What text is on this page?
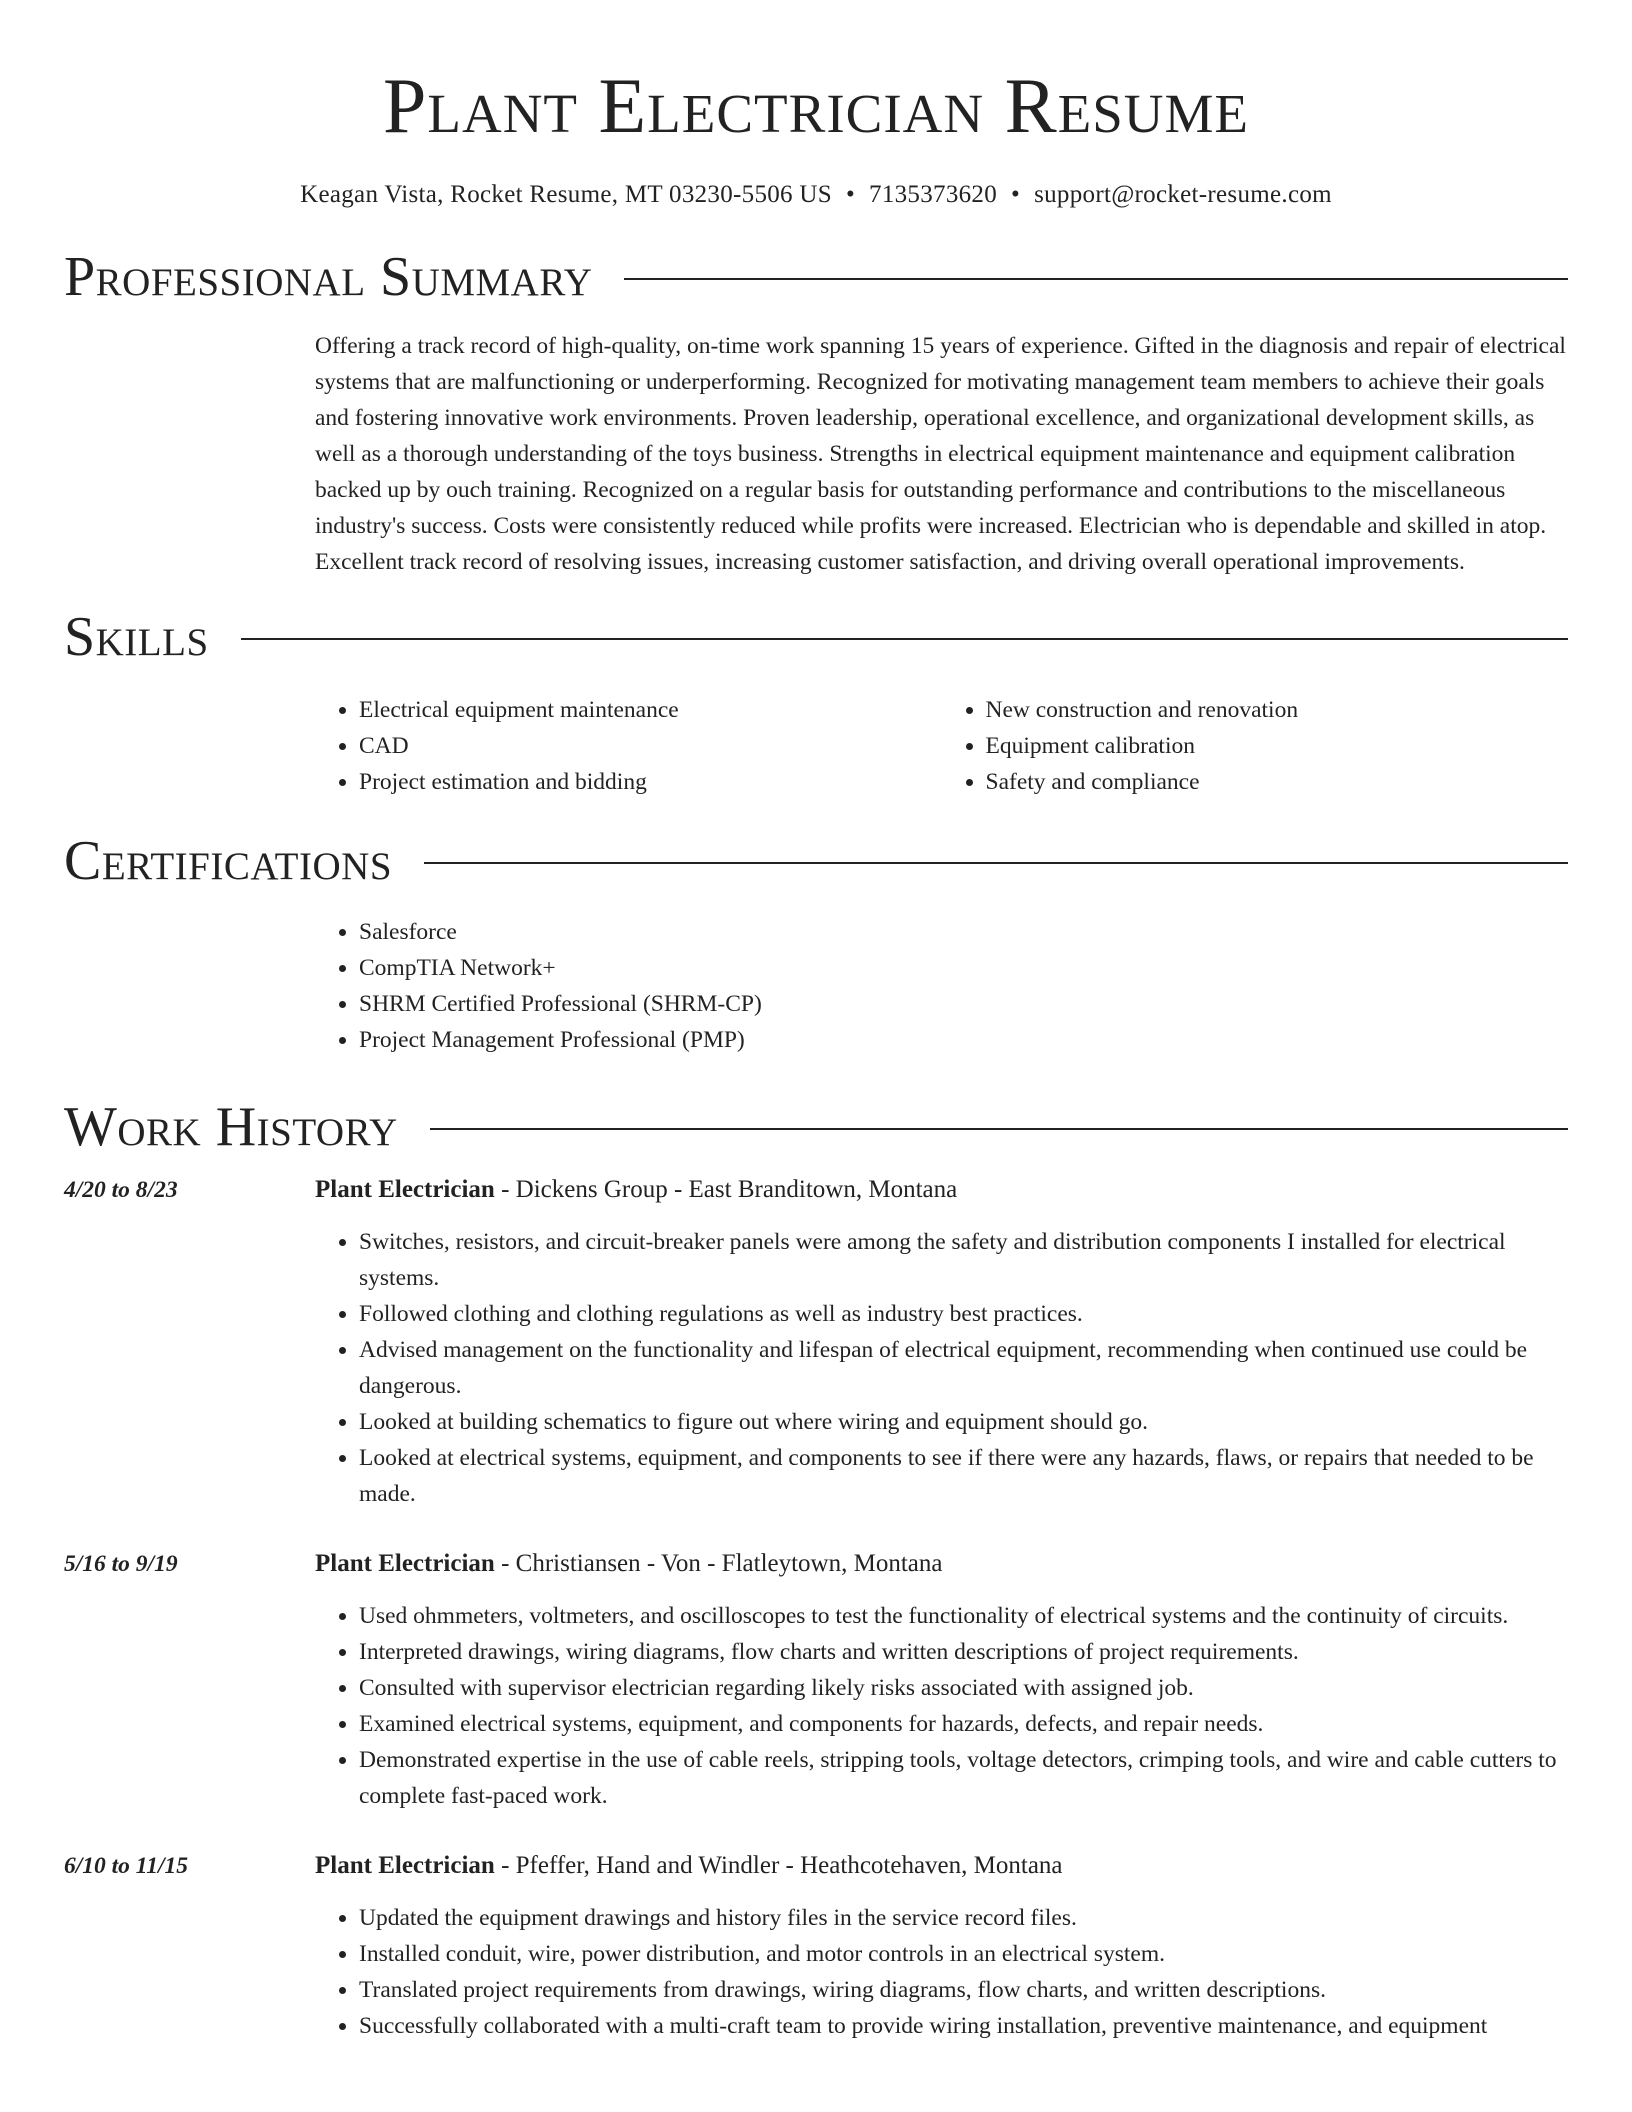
Plant Electrician Resume
Keagan Vista, Rocket Resume, MT 03230-5506 US • 7135373620 • support@rocket-resume.com
Professional Summary

Offering a track record of high-quality, on-time work spanning 15 years of experience. Gifted in the diagnosis and repair of electrical systems that are malfunctioning or underperforming. Recognized for motivating management team members to achieve their goals and fostering innovative work environments. Proven leadership, operational excellence, and organizational development skills, as well as a thorough understanding of the toys business. Strengths in electrical equipment maintenance and equipment calibration backed up by ouch training. Recognized on a regular basis for outstanding performance and contributions to the miscellaneous industry's success. Costs were consistently reduced while profits were increased. Electrician who is dependable and skilled in atop. Excellent track record of resolving issues, increasing customer satisfaction, and driving overall operational improvements.

Skills
• Electrical equipment maintenance
• CAD
• Project estimation and bidding
• New construction and renovation
• Equipment calibration
• Safety and compliance
Certifications
• Salesforce
• CompTIA Network+
• SHRM Certified Professional (SHRM-CP)
• Project Management Professional (PMP)
Work History
4/20 to 8/23	Plant Electrician - Dickens Group - East Branditown, Montana
• Switches, resistors, and circuit-breaker panels were among the safety and distribution components I installed for electrical systems.
• Followed clothing and clothing regulations as well as industry best practices.
• Advised management on the functionality and lifespan of electrical equipment, recommending when continued use could be dangerous.
• Looked at building schematics to figure out where wiring and equipment should go.
• Looked at electrical systems, equipment, and components to see if there were any hazards, flaws, or repairs that needed to be made.
5/16 to 9/19	Plant Electrician - Christiansen - Von - Flatleytown, Montana
• Used ohmmeters, voltmeters, and oscilloscopes to test the functionality of electrical systems and the continuity of circuits.
• Interpreted drawings, wiring diagrams, flow charts and written descriptions of project requirements.
• Consulted with supervisor electrician regarding likely risks associated with assigned job.
• Examined electrical systems, equipment, and components for hazards, defects, and repair needs.
• Demonstrated expertise in the use of cable reels, stripping tools, voltage detectors, crimping tools, and wire and cable cutters to complete fast-paced work.
6/10 to 11/15	Plant Electrician - Pfeffer, Hand and Windler - Heathcotehaven, Montana
• Updated the equipment drawings and history files in the service record files.
• Installed conduit, wire, power distribution, and motor controls in an electrical system.
• Translated project requirements from drawings, wiring diagrams, flow charts, and written descriptions.
• Successfully collaborated with a multi-craft team to provide wiring installation, preventive maintenance, and equipment
